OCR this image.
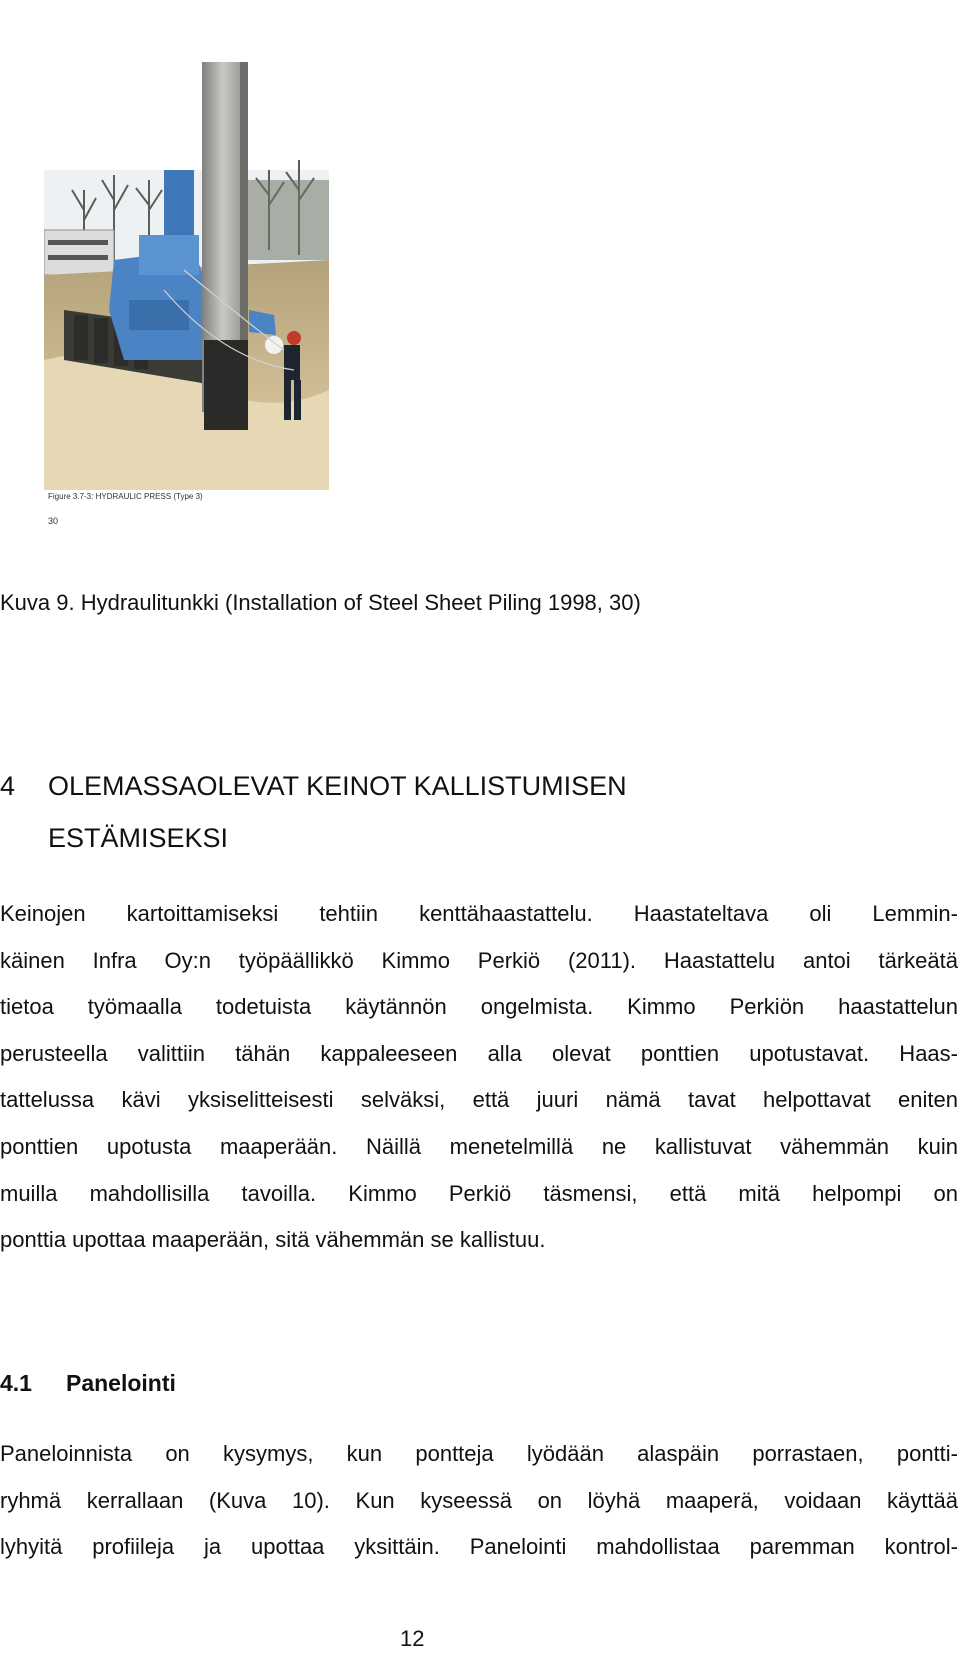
Figure 3.7-3: HYDRAULIC PRESS (Type 3)
30
Kuva 9. Hydraulitunkki (Installation of Steel Sheet Piling 1998, 30)
4 OLEMASSAOLEVAT KEINOT KALLISTUMISEN ESTÄMISEKSI
Keinojen kartoittamiseksi tehtiin kenttähaastattelu. Haastateltava oli Lemmin-
käinen Infra Oy:n työpäällikkö Kimmo Perkiö (2011). Haastattelu antoi tärkeätä
tietoa työmaalla todetuista käytännön ongelmista. Kimmo Perkiön haastattelun
perusteella valittiin tähän kappaleeseen alla olevat ponttien upotustavat. Haas-
tattelussa kävi yksiselitteisesti selväksi, että juuri nämä tavat helpottavat eniten
ponttien upotusta maaperään. Näillä menetelmillä ne kallistuvat vähemmän kuin
muilla mahdollisilla tavoilla. Kimmo Perkiö täsmensi, että mitä helpompi on
ponttia upottaa maaperään, sitä vähemmän se kallistuu.
4.1 Panelointi
Paneloinnista on kysymys, kun pontteja lyödään alaspäin porrastaen, pontti-
ryhmä kerrallaan (Kuva 10). Kun kyseessä on löyhä maaperä, voidaan käyttää
lyhyitä profiileja ja upottaa yksittäin. Panelointi mahdollistaa paremman kontrol-
12
